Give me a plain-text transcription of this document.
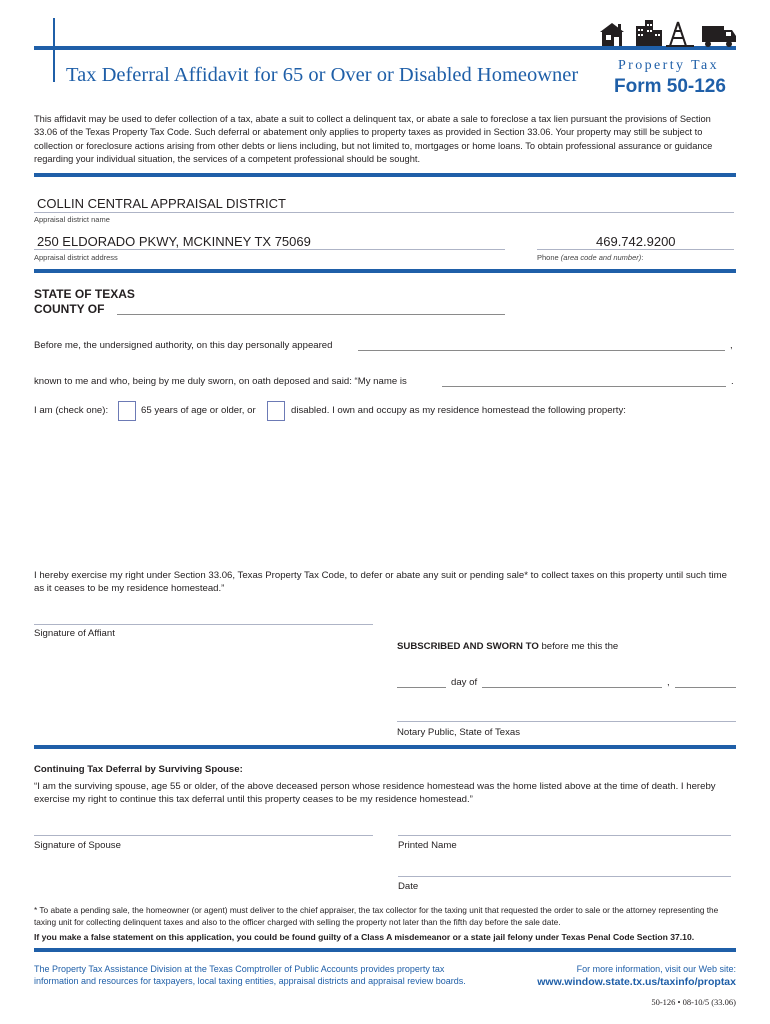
Tax Deferral Affidavit for 65 or Over or Disabled Homeowner	Property Tax
Form 50-126
This affidavit may be used to defer collection of a tax, abate a suit to collect a delinquent tax, or abate a sale to foreclose a tax lien pursuant the provisions of Section 33.06 of the Texas Property Tax Code. Such deferral or abatement only applies to property taxes as provided in Section 33.06. Your property may still be subject to collection or foreclosure actions arising from other debts or liens including, but not limited to, mortgages or home loans. To obtain professional assurance or guidance regarding your individual situation, the services of a competent professional should be sought.
COLLIN CENTRAL APPRAISAL DISTRICT
Appraisal district name
250 ELDORADO PKWY, MCKINNEY TX 75069
Appraisal district address
469.742.9200
Phone (area code and number):
STATE OF TEXAS
COUNTY OF
Before me, the undersigned authority, on this day personally appeared	,
known to me and who, being by me duly sworn, on oath deposed and said: “My name is	.
I am (check one):	65 years of age or older, or	disabled. I own and occupy as my residence homestead the following property:
I hereby exercise my right under Section 33.06, Texas Property Tax Code, to defer or abate any suit or pending sale* to collect taxes on this property until such time as it ceases to be my residence homestead.”
Signature of Affiant
SUBSCRIBED AND SWORN TO before me this the
day of	,
Notary Public, State of Texas
Continuing Tax Deferral by Surviving Spouse:
“I am the surviving spouse, age 55 or older, of the above deceased person whose residence homestead was the home listed above at the time of death. I hereby exercise my right to continue this tax deferral until this property ceases to be my residence homestead.”
Signature of Spouse	Printed Name
Date
* To abate a pending sale, the homeowner (or agent) must deliver to the chief appraiser, the tax collector for the taxing unit that requested the order to sale or the attorney representing the taxing unit for collecting delinquent taxes and also to the officer charged with selling the property not later than the fifth day before the sale date.
If you make a false statement on this application, you could be found guilty of a Class A misdemeanor or a state jail felony under Texas Penal Code Section 37.10.
The Property Tax Assistance Division at the Texas Comptroller of Public Accounts provides property tax
information and resources for taxpayers, local taxing entities, appraisal districts and appraisal review boards.
For more information, visit our Web site:
www.window.state.tx.us/taxinfo/proptax
50-126 • 08-10/5 (33.06)
